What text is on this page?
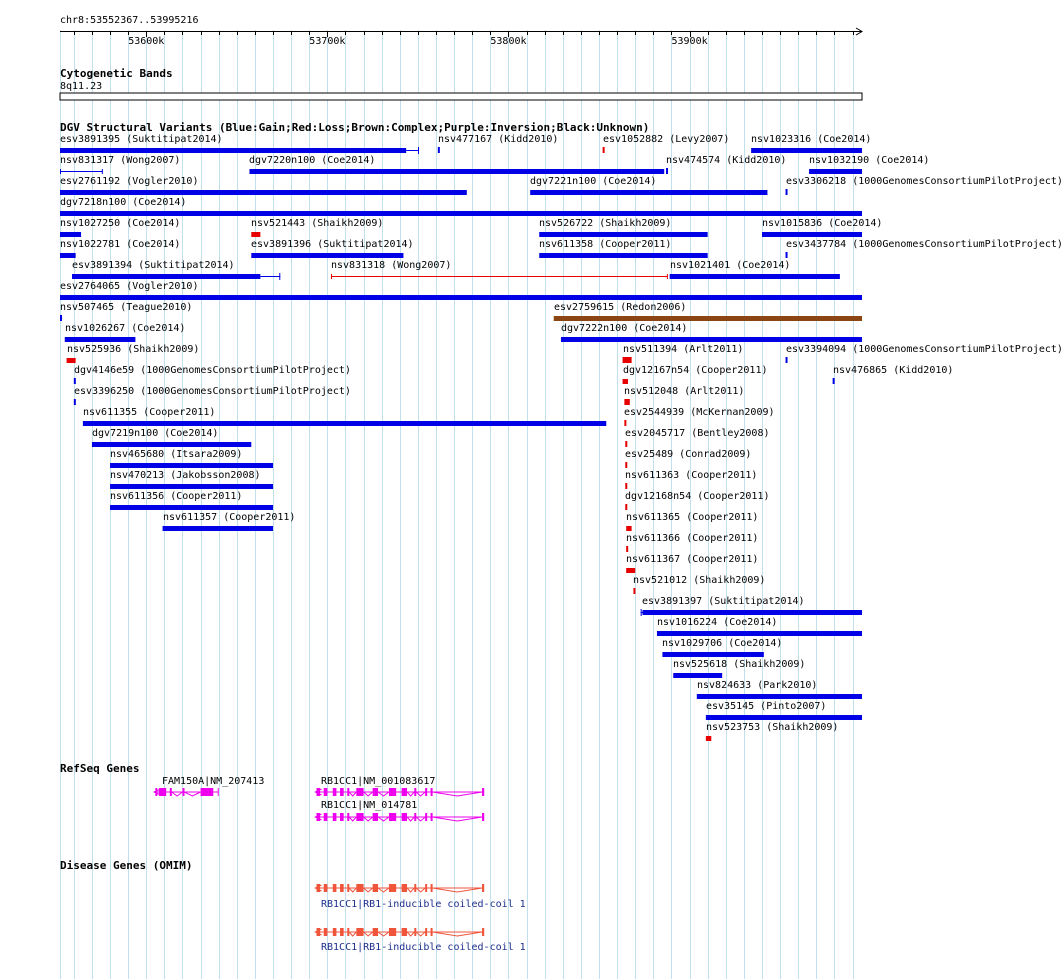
53600k	53700k	53800k	53900k
chr8:53552367..53995216
Cytogenetic Bands
8q11.23
DGV Structural Variants (Blue:Gain;Red:Loss;Brown:Complex;Purple:Inversion;Black:Unknown)
RefSeq Genes
Disease Genes (OMIM)
esv3891395 (Suktitipat2014)	nsv477167 (Kidd2010)	esv1052882 (Levy2007) nsv1023316 (Coe2014)
nsv831317 (Wong2007)	dgv7220n100 (Coe2014)	nsv474574 (Kidd2010) nsv1032190 (Coe2014)
esv2761192 (Vogler2010)	dgv7221n100 (Coe2014)	esv3306218 (1000GenomesConsortiumPilotProject)
dgv7218n100 (Coe2014)
nsv1027250 (Coe2014)	nsv521443 (Shaikh2009)	nsv526722 (Shaikh2009)	nsv1015836 (Coe2014)
nsv1022781 (Coe2014)	esv3891396 (Suktitipat2014)	nsv611358 (Cooper2011)	esv3437784 (1000GenomesConsortiumPilotProject)
esv3891394 (Suktitipat2014)	nsv831318 (Wong2007)	nsv1021401 (Coe2014)
esv2764065 (Vogler2010)
nsv507465 (Teague2010)	esv2759615 (Redon2006)
nsv1026267 (Coe2014)	dgv7222n100 (Coe2014)
nsv525936 (Shaikh2009)	nsv511394 (Arlt2011)	esv3394094 (1000GenomesConsortiumPilotProject)
dgv4146e59 (1000GenomesConsortiumPilotProject)	dgv12167n54 (Cooper2011)	nsv476865 (Kidd2010)
esv3396250 (1000GenomesConsortiumPilotProject)	nsv512048 (Arlt2011)
nsv611355 (Cooper2011)	esv2544939 (McKernan2009)
dgv7219n100 (Coe2014)	esv2045717 (Bentley2008)
nsv465680 (Itsara2009)	esv25489 (Conrad2009)
nsv470213 (Jakobsson2008)	nsv611363 (Cooper2011)
nsv611356 (Cooper2011)	dgv12168n54 (Cooper2011)
nsv611357 (Cooper2011)	nsv611365 (Cooper2011)
nsv611366 (Cooper2011)
nsv611367 (Cooper2011)
nsv521012 (Shaikh2009)
esv3891397 (Suktitipat2014)
nsv1016224 (Coe2014)
nsv1029706 (Coe2014)
nsv525618 (Shaikh2009)
nsv824633 (Park2010)
esv35145 (Pinto2007)
nsv523753 (Shaikh2009)
FAM150A|NM_207413	RB1CC1|NM_001083617
RB1CC1|NM_014781
RB1CC1|RB1-inducible coiled-coil 1
RB1CC1|RB1-inducible coiled-coil 1
